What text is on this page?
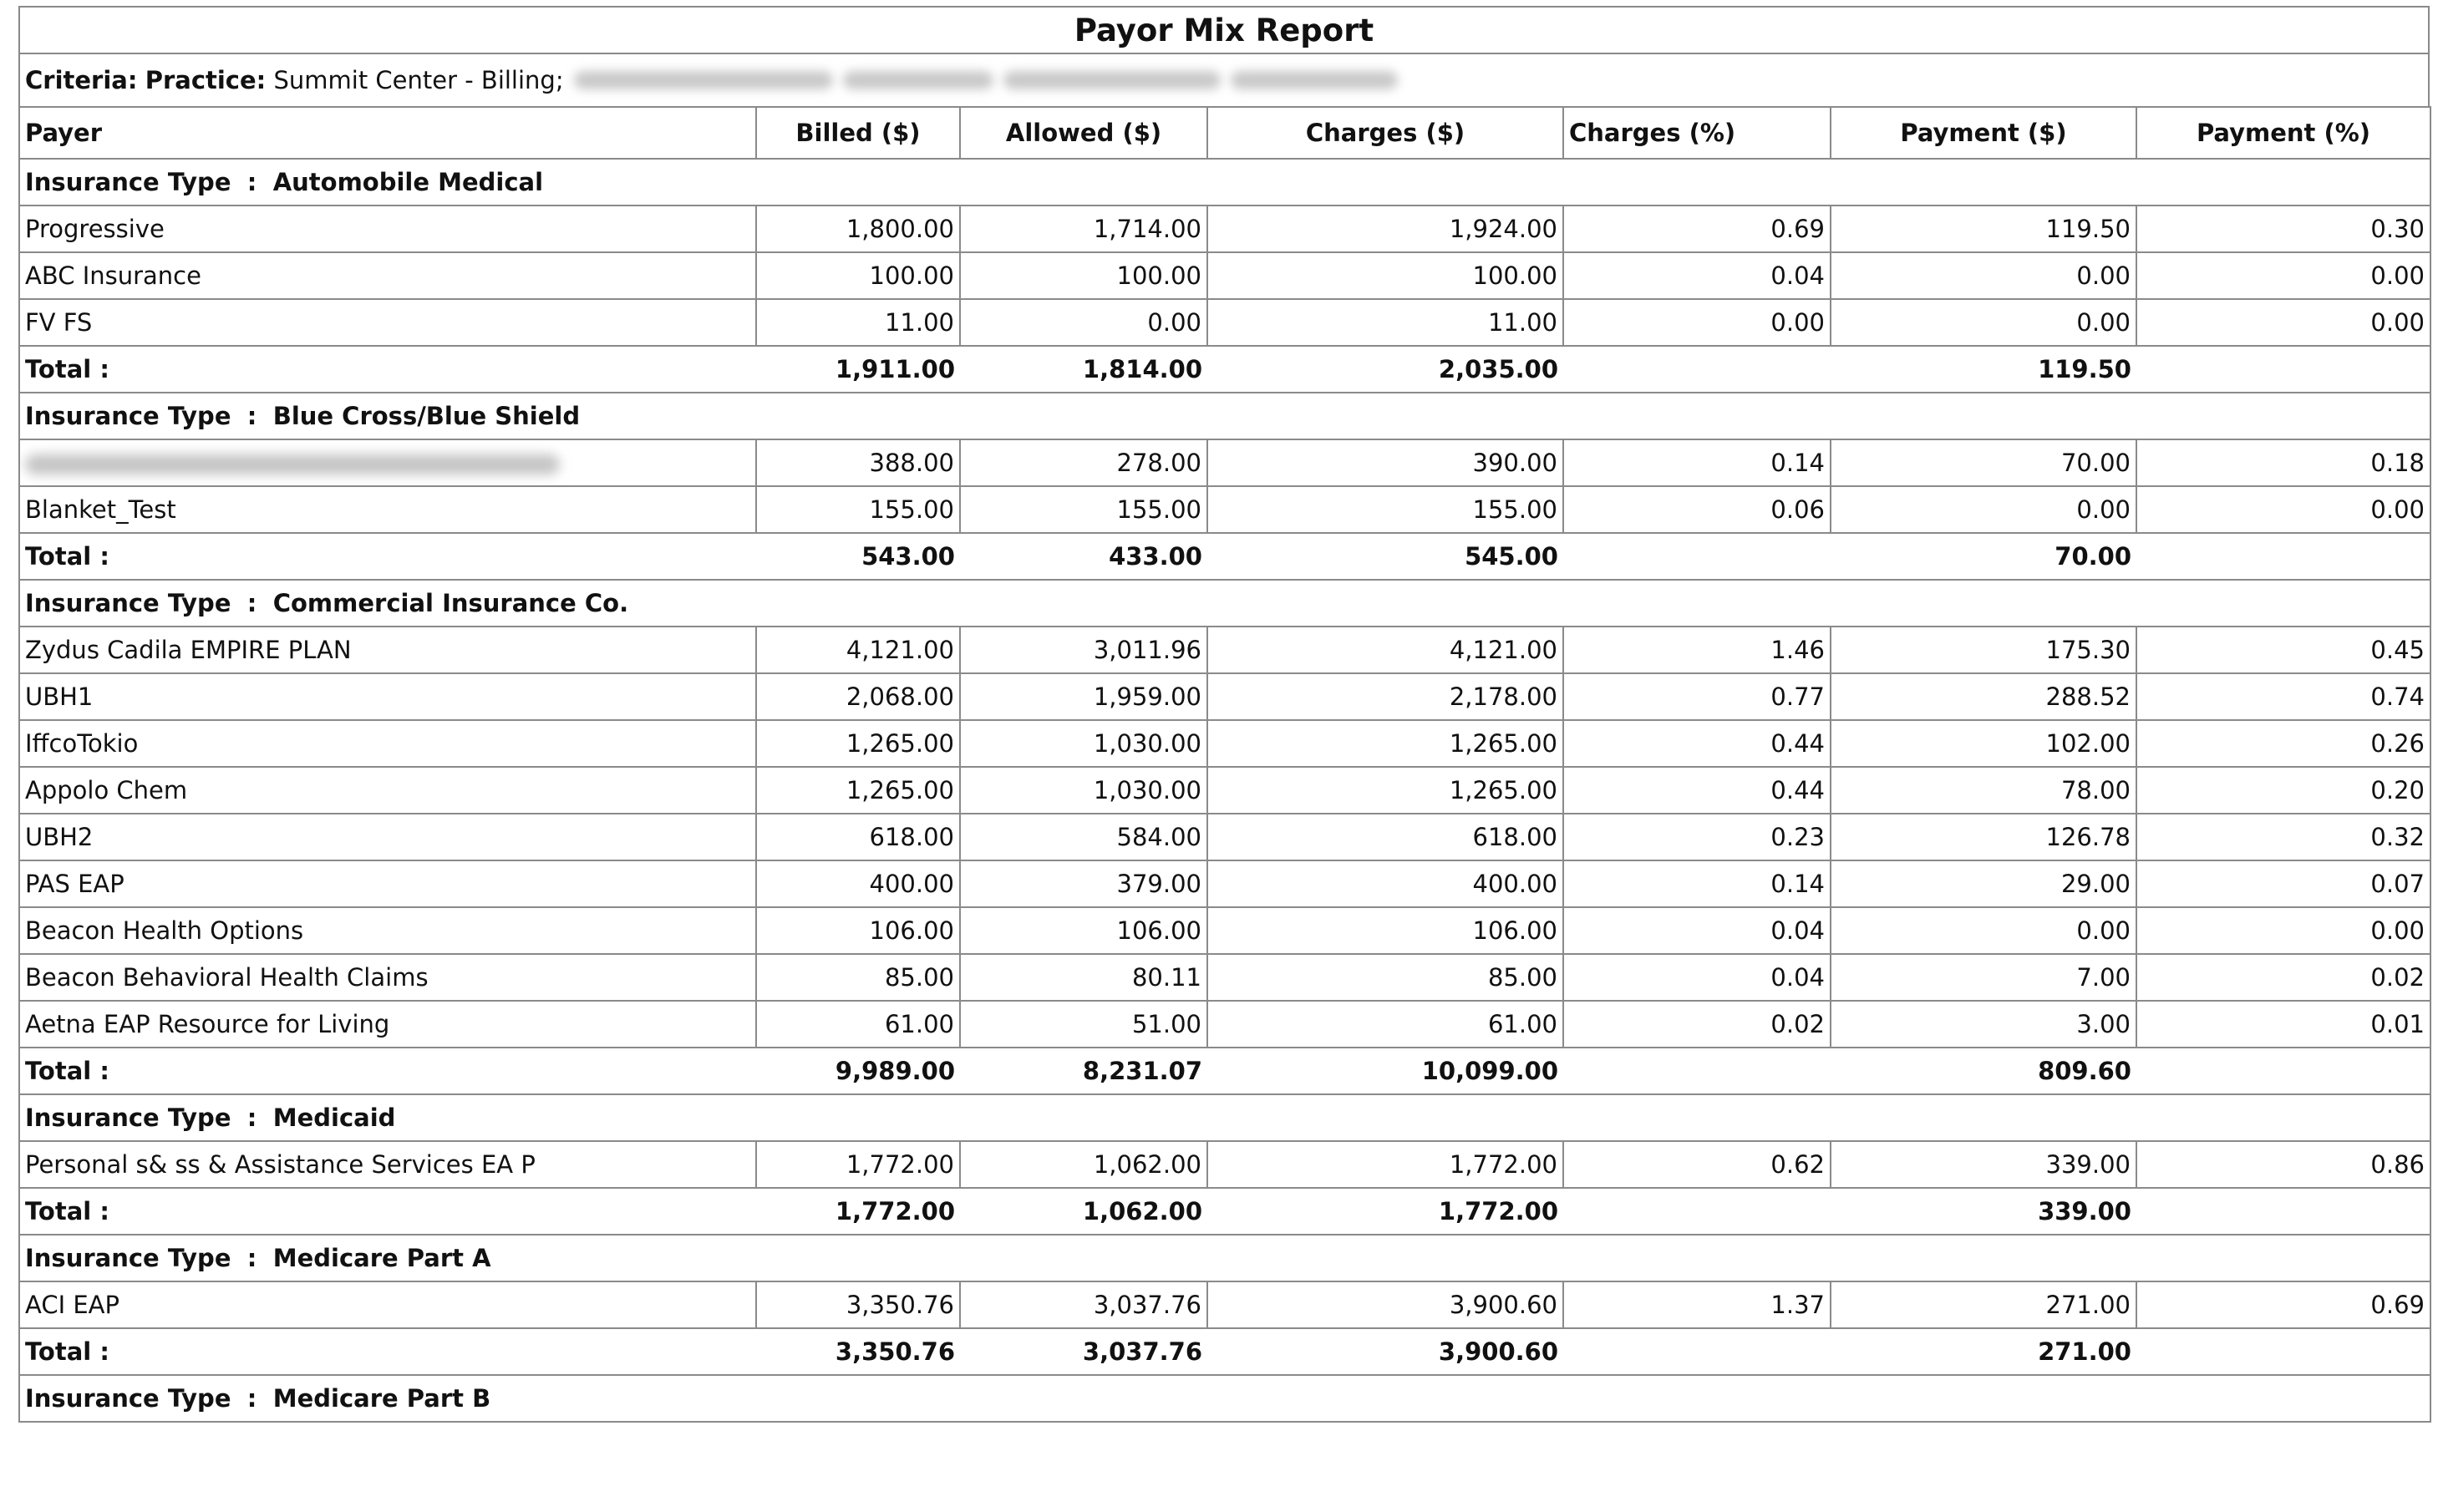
Payor Mix Report
Criteria:
Practice:
Summit Center - Billing;
Payer	Billed ($)	Allowed ($)	Charges ($)	Charges (%)	Payment ($)	Payment (%)
Insurance Type : Automobile Medical						
Progressive	1,800.00	1,714.00	1,924.00	0.69	119.50	0.30
ABC Insurance	100.00	100.00	100.00	0.04	0.00	0.00
FV FS	11.00	0.00	11.00	0.00	0.00	0.00
Total :	1,911.00	1,814.00	2,035.00		119.50	
Insurance Type : Blue Cross/Blue Shield						
	388.00	278.00	390.00	0.14	70.00	0.18
Blanket_Test	155.00	155.00	155.00	0.06	0.00	0.00
Total :	543.00	433.00	545.00		70.00	
Insurance Type : Commercial Insurance Co.						
Zydus Cadila EMPIRE PLAN	4,121.00	3,011.96	4,121.00	1.46	175.30	0.45
UBH1	2,068.00	1,959.00	2,178.00	0.77	288.52	0.74
IffcoTokio	1,265.00	1,030.00	1,265.00	0.44	102.00	0.26
Appolo Chem	1,265.00	1,030.00	1,265.00	0.44	78.00	0.20
UBH2	618.00	584.00	618.00	0.23	126.78	0.32
PAS EAP	400.00	379.00	400.00	0.14	29.00	0.07
Beacon Health Options	106.00	106.00	106.00	0.04	0.00	0.00
Beacon Behavioral Health Claims	85.00	80.11	85.00	0.04	7.00	0.02
Aetna EAP Resource for Living	61.00	51.00	61.00	0.02	3.00	0.01
Total :	9,989.00	8,231.07	10,099.00		809.60	
Insurance Type : Medicaid						
Personal s& ss & Assistance Services EA P	1,772.00	1,062.00	1,772.00	0.62	339.00	0.86
Total :	1,772.00	1,062.00	1,772.00		339.00	
Insurance Type : Medicare Part A						
ACI EAP	3,350.76	3,037.76	3,900.60	1.37	271.00	0.69
Total :	3,350.76	3,037.76	3,900.60		271.00	
Insurance Type : Medicare Part B						
